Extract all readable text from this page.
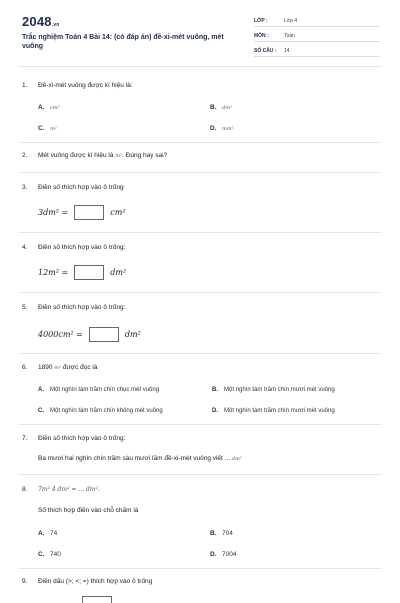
2048.vn
Trắc nghiệm Toán 4 Bài 14: (có đáp án) đề-xi-mét vuông, mét vuông
LỚP :	Lớp 4
MÔN :	Toán
SỐ CÂU : 14
1. Đề-xi-mét vuông được kí hiệu là:
A. cm²	B. dm²
C. m²	D. mm²
2. Mét vuông được kí hiệu là m². Đúng hay sai?
3. Điền số thích hợp vào ô trống
3dm² =	cm²
4. Điền số thích hợp vào ô trống:
12m² =	dm²
5. Điền số thích hợp vào ô trống:
4000cm² =	dm²
6. 1890 m² được đọc là
A. Một nghìn tám trăm chín chục mét vuông	B. Một nghìn tám trăm chín mươi mét vuông
C. Một nghìn tám trăm chín không mét vuông	D. Một nghìn tám trăm chín mươi mét vuông
7. Điền số thích hợp vào ô trống:
Ba mươi hai nghìn chín trăm sáu mươi lăm đề-xi-mét vuông viết ... dm²
8. 7m² 4 dm² = ... dm².
Số thích hợp điền vào chỗ chấm là
A. 74	B. 704
C. 740	D. 7004
9. Điền dấu (>; <; =) thích hợp vào ô trống
